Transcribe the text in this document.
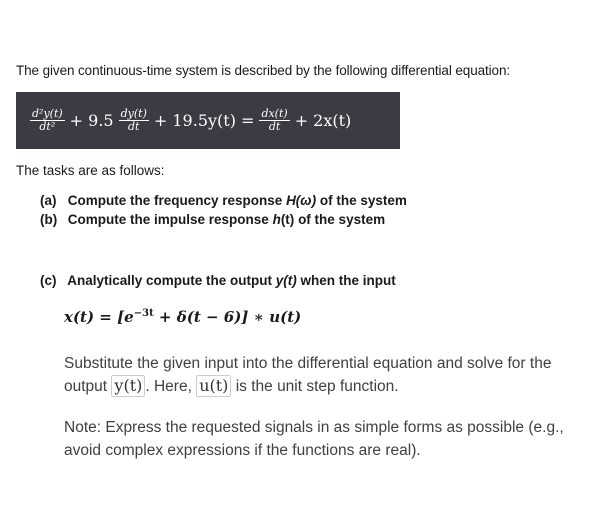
The given continuous-time system is described by the following differential equation:
$\frac{\text{d²y(t)}}{\text{dt²}} + 9.5 \frac{dy(t)}{dt} + 19.5y(t) = \frac{dx(t)}{dt} + 2x(t)$
The tasks are as follows:
(a) Compute the frequency response H(ω) of the system
(b) Compute the impulse response h(t) of the system
(c) Analytically compute the output y(t) when the input
$x(t) = [e^{-3t} + \delta(t - 6)]$ ∗ u(t)
Substitute the given input into the differential equation and solve for the output y(t) . Here, u(t) is the unit step function.
Note: Express the requested signals in as simple forms as possible (e.g., avoid complex expressions if the functions are real).
